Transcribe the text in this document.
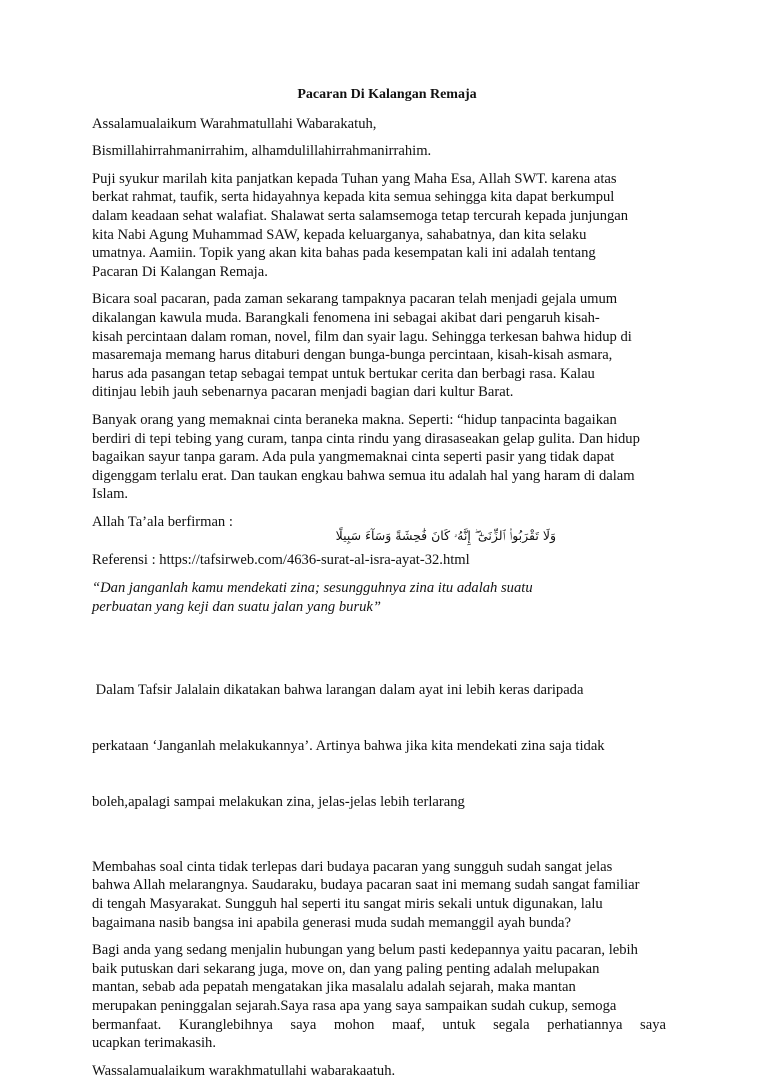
Pacaran Di Kalangan Remaja
Assalamualaikum Warahmatullahi Wabarakatuh,
Bismillahirrahmanirrahim, alhamdulillahirrahmanirrahim.
Puji syukur marilah kita panjatkan kepada Tuhan yang Maha Esa, Allah SWT. karena atas
berkat rahmat, taufik, serta hidayahnya kepada kita semua sehingga kita dapat berkumpul
dalam keadaan sehat walafiat. Shalawat serta salamsemoga tetap tercurah kepada junjungan
kita Nabi Agung Muhammad SAW, kepada keluarganya, sahabatnya, dan kita selaku
umatnya. Aamiin. Topik yang akan kita bahas pada kesempatan kali ini adalah tentang
Pacaran Di Kalangan Remaja.
Bicara soal pacaran, pada zaman sekarang tampaknya pacaran telah menjadi gejala umum
dikalangan kawula muda. Barangkali fenomena ini sebagai akibat dari pengaruh kisah-
kisah percintaan dalam roman, novel, film dan syair lagu. Sehingga terkesan bahwa hidup di
masaremaja memang harus ditaburi dengan bunga-bunga percintaan, kisah-kisah asmara,
harus ada pasangan tetap sebagai tempat untuk bertukar cerita dan berbagi rasa. Kalau
ditinjau lebih jauh sebenarnya pacaran menjadi bagian dari kultur Barat.
Banyak orang yang memaknai cinta beraneka makna. Seperti: “hidup tanpacinta bagaikan
berdiri di tepi tebing yang curam, tanpa cinta rindu yang dirasaseakan gelap gulita. Dan hidup
bagaikan sayur tanpa garam. Ada pula yangmemaknai cinta seperti pasir yang tidak dapat
digenggam terlalu erat. Dan taukan engkau bahwa semua itu adalah hal yang haram di dalam
Islam.
Allah Ta’ala berfirman :
وَلَا تَقْرَبُوا۟ ٱلزِّنَىٰٓ ۖ إِنَّهُۥ كَانَ فَٰحِشَةً وَسَآءَ سَبِيلًا
Referensi : https://tafsirweb.com/4636-surat-al-isra-ayat-32.html
“Dan janganlah kamu mendekati zina; sesungguhnya zina itu adalah suatu
perbuatan yang keji dan suatu jalan yang buruk”

Dalam Tafsir Jalalain dikatakan bahwa larangan dalam ayat ini lebih keras daripada

perkataan ‘Janganlah melakukannya’. Artinya bahwa jika kita mendekati zina saja tidak

boleh,apalagi sampai melakukan zina, jelas-jelas lebih terlarang

Membahas soal cinta tidak terlepas dari budaya pacaran yang sungguh sudah sangat jelas
bahwa Allah melarangnya. Saudaraku, budaya pacaran saat ini memang sudah sangat familiar
di tengah Masyarakat. Sungguh hal seperti itu sangat miris sekali untuk digunakan, lalu
bagaimana nasib bangsa ini apabila generasi muda sudah memanggil ayah bunda?
Bagi anda yang sedang menjalin hubungan yang belum pasti kedepannya yaitu pacaran, lebih
baik putuskan dari sekarang juga, move on, dan yang paling penting adalah melupakan
mantan, sebab ada pepatah mengatakan jika masalalu adalah sejarah, maka mantan
merupakan peninggalan sejarah.Saya rasa apa yang saya sampaikan sudah cukup, semoga
bermanfaat. Kuranglebihnya saya mohon maaf, untuk segala perhatiannya saya
ucapkan terimakasih.
Wassalamualaikum warakhmatullahi wabarakaatuh.
